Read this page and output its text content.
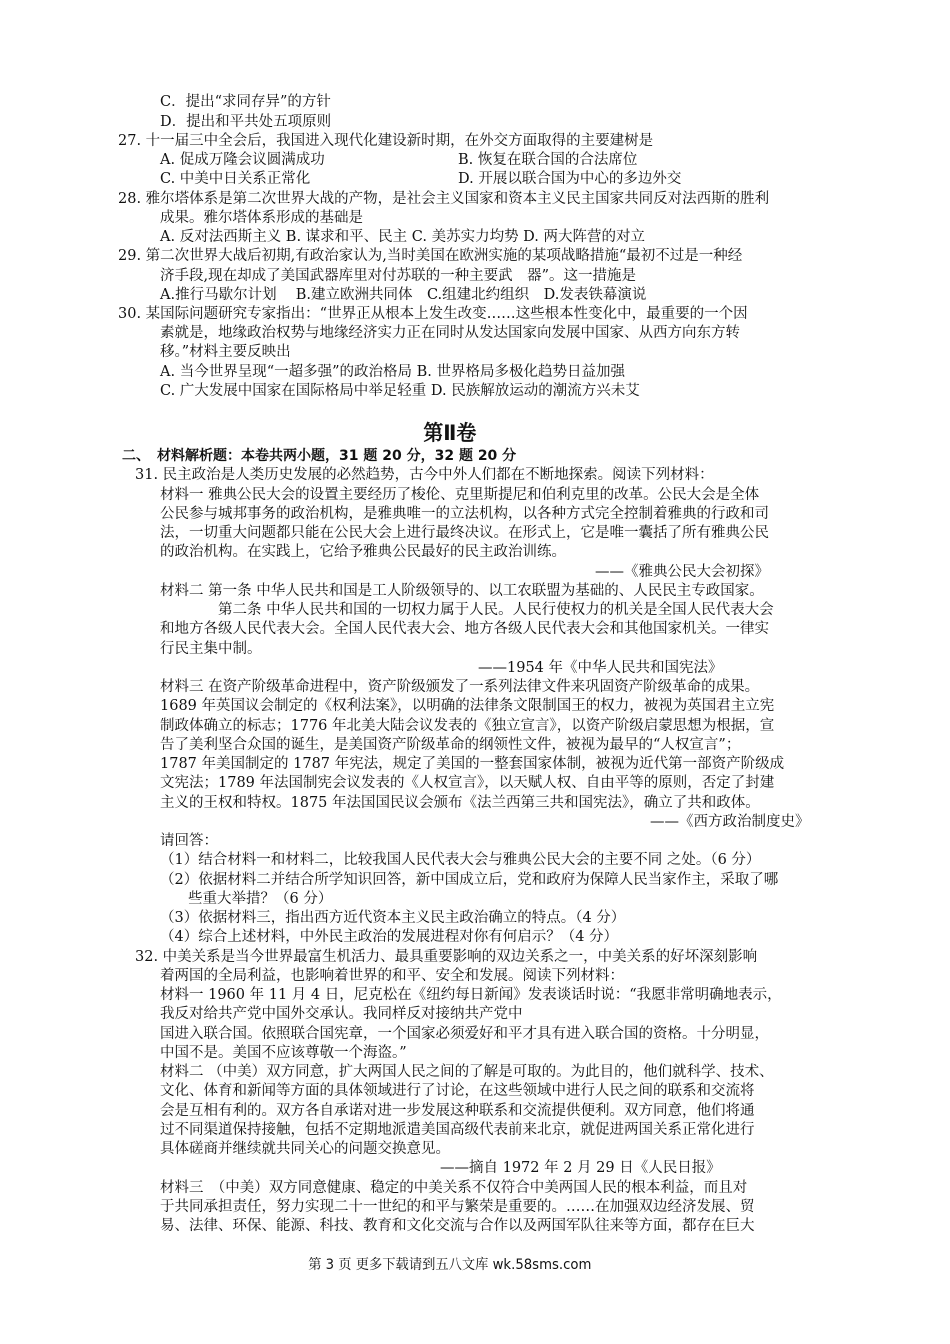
C．提出“求同存异”的方针
D．提出和平共处五项原则
27. 十一届三中全会后，我国进入现代化建设新时期，在外交方面取得的主要建树是
A. 促成万隆会议圆满成功	B. 恢复在联合国的合法席位
C. 中美中日关系正常化	D. 开展以联合国为中心的多边外交
28. 雅尔塔体系是第二次世界大战的产物，是社会主义国家和资本主义民主国家共同反对法西斯的胜利
成果。雅尔塔体系形成的基础是
A. 反对法西斯主义 B. 谋求和平、民主 C. 美苏实力均势 D. 两大阵营的对立
29. 第二次世界大战后初期,有政治家认为,当时美国在欧洲实施的某项战略措施“最初不过是一种经
济手段,现在却成了美国武器库里对付苏联的一种主要武　器”。这一措施是
A.推行马歇尔计划　 B.建立欧洲共同体　C.组建北约组织　D.发表铁幕演说
30. 某国际问题研究专家指出：“世界正从根本上发生改变……这些根本性变化中，最重要的一个因
素就是，地缘政治权势与地缘经济实力正在同时从发达国家向发展中国家、从西方向东方转
移。”材料主要反映出
A. 当今世界呈现“一超多强”的政治格局 B. 世界格局多极化趋势日益加强
C. 广大发展中国家在国际格局中举足轻重 D. 民族解放运动的潮流方兴未艾
第Ⅱ卷
二、　材料解析题：本卷共两小题，31 题 20 分，32 题 20 分
31. 民主政治是人类历史发展的必然趋势，古今中外人们都在不断地探索。阅读下列材料：
材料一 雅典公民大会的设置主要经历了梭伦、克里斯提尼和伯利克里的改革。公民大会是全体
公民参与城邦事务的政治机构，是雅典唯一的立法机构，以各种方式完全控制着雅典的行政和司
法，一切重大问题都只能在公民大会上进行最终决议。在形式上，它是唯一囊括了所有雅典公民
的政治机构。在实践上，它给予雅典公民最好的民主政治训练。
——《雅典公民大会初探》
材料二 第一条 中华人民共和国是工人阶级领导的、以工农联盟为基础的、人民民主专政国家。
第二条 中华人民共和国的一切权力属于人民。人民行使权力的机关是全国人民代表大会
和地方各级人民代表大会。全国人民代表大会、地方各级人民代表大会和其他国家机关。一律实
行民主集中制。
——1954 年《中华人民共和国宪法》
材料三 在资产阶级革命进程中，资产阶级颁发了一系列法律文件来巩固资产阶级革命的成果。
1689 年英国议会制定的《权利法案》，以明确的法律条文限制国王的权力，被视为英国君主立宪
制政体确立的标志；1776 年北美大陆会议发表的《独立宣言》，以资产阶级启蒙思想为根据，宣
告了美利坚合众国的诞生，是美国资产阶级革命的纲领性文件，被视为最早的“人权宣言”；
1787 年美国制定的 1787 年宪法，规定了美国的一整套国家体制，被视为近代第一部资产阶级成
文宪法；1789 年法国制宪会议发表的《人权宣言》，以天赋人权、自由平等的原则，否定了封建
主义的王权和特权。1875 年法国国民议会颁布《法兰西第三共和国宪法》，确立了共和政体。
——《西方政治制度史》
请回答：
（1）结合材料一和材料二，比较我国人民代表大会与雅典公民大会的主要不同 之处。（6 分）
（2）依据材料二并结合所学知识回答，新中国成立后，党和政府为保障人民当家作主，采取了哪
些重大举措？（6 分）
（3）依据材料三，指出西方近代资本主义民主政治确立的特点。（4 分）
（4）综合上述材料，中外民主政治的发展进程对你有何启示？（4 分）
32. 中美关系是当今世界最富生机活力、最具重要影响的双边关系之一，中美关系的好坏深刻影响
着两国的全局利益，也影响着世界的和平、安全和发展。阅读下列材料：
材料一 1960 年 11 月 4 日，尼克松在《纽约每日新闻》发表谈话时说：“我愿非常明确地表示，
我反对给共产党中国外交承认。我同样反对接纳共产党中
国进入联合国。依照联合国宪章，一个国家必须爱好和平才具有进入联合国的资格。十分明显，
中国不是。美国不应该尊敬一个海盗。”
材料二 （中美）双方同意，扩大两国人民之间的了解是可取的。为此目的，他们就科学、技术、
文化、体育和新闻等方面的具体领域进行了讨论，在这些领域中进行人民之间的联系和交流将
会是互相有利的。双方各自承诺对进一步发展这种联系和交流提供便利。双方同意，他们将通
过不同渠道保持接触，包括不定期地派遣美国高级代表前来北京，就促进两国关系正常化进行
具体磋商并继续就共同关心的问题交换意见。
——摘自 1972 年 2 月 29 日《人民日报》
材料三　（中美）双方同意健康、稳定的中美关系不仅符合中美两国人民的根本利益，而且对
于共同承担责任，努力实现二十一世纪的和平与繁荣是重要的。……在加强双边经济发展、贸
易、法律、环保、能源、科技、教育和文化交流与合作以及两国军队往来等方面，都存在巨大
第 3 页 更多下载请到五八文库 wk.58sms.com
